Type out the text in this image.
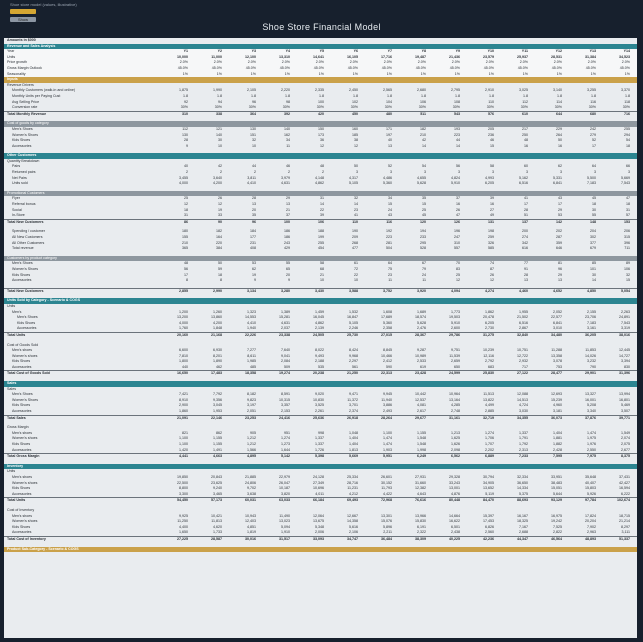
Shoe store model (values, illustrative)
Show
Shoe Store Financial Model
Amounts in $000
Revenue and Sales Analysis
Year	Y1	Y2	Y3	Y4	Y5	Y6	Y7	Y8	Y9	Y10	Y11	Y12	Y13	Y14
Units	10,000	11,000	12,100	13,310	14,641	16,105	17,716	19,487	21,436	23,579	25,937	28,531	31,384	34,523
Price growth	2.0%	2.0%	2.0%	2.0%	2.0%	2.0%	2.0%	2.0%	2.0%	2.0%	2.0%	2.0%	2.0%	2.0%
Gross Margin Outlook	45.0%	45.0%	45.0%	45.0%	45.0%	45.0%	45.0%	45.0%	45.0%	45.0%	45.0%	45.0%	45.0%	45.0%
Seasonality	1%	1%	1%	1%	1%	1%	1%	1%	1%	1%	1%	1%	1%	1%
Inputs
Revenue Drivers
Monthly Customers (walk-in and online)	1,875	1,990	2,105	2,220	2,335	2,450	2,565	2,680	2,795	2,910	3,025	3,140	3,255	3,370
Monthly Units per Paying Cust	1.8	1.8	1.8	1.8	1.8	1.8	1.8	1.8	1.8	1.8	1.8	1.8	1.8	1.8
Avg Selling Price	92	94	96	98	100	102	104	106	108	110	112	114	116	118
Conversion rate	30%	30%	30%	30%	30%	30%	30%	30%	30%	30%	30%	30%	30%	30%
Total Monthly Revenue	310	338	364	392	420	450	480	511	543	576	610	644	680	716
Cost of goods by category
Men's Shoes	112	121	130	140	150	160	171	182	193	205	217	229	242	255
Women's Shoes	130	140	151	162	173	185	197	210	223	236	250	264	279	294
Kids Shoes	28	30	32	34	36	38	40	42	44	46	48	50	52	54
Accessories	9	10	10	11	12	12	13	14	14	15	16	16	17	18
Other Customers
Quantity Breakdown
Pairs	40	42	44	46	48	50	52	54	56	58	60	62	64	66
Returned pairs	2	2	2	2	2	3	3	3	3	3	3	3	3	3
Net Pairs	3,455	3,640	3,811	3,979	4,148	4,317	4,486	4,655	4,824	4,993	5,162	5,331	5,500	5,669
Units sold	4,000	4,200	4,410	4,631	4,862	5,105	5,360	5,628	5,910	6,205	6,516	6,841	7,183	7,543
Promotional Customers
Flyer	25	26	28	29	31	32	34	35	37	39	41	43	45	47
Referral bonus	12	12	13	13	14	14	15	15	16	16	17	17	18	18
Social	18	19	20	21	22	23	24	25	26	27	28	29	30	31
In-Store	31	33	35	37	39	41	43	45	47	49	51	53	55	57
Total New Customers	86	90	96	100	106	110	116	120	126	131	137	142	148	153
Spending / customer	180	182	184	186	188	190	192	194	196	198	200	202	204	206
All New Customers	155	164	177	186	199	209	223	233	247	259	274	287	302	315
All Other Customers	210	220	231	243	255	268	281	295	310	326	342	359	377	396
Total revenue	365	384	408	429	454	477	504	528	557	585	616	646	679	711
Customers by product category
Men's Shoes	48	50	53	55	58	61	64	67	70	74	77	81	85	89
Women's Shoes	56	59	62	65	68	72	75	79	83	87	91	96	101	106
Kids Shoes	17	18	19	20	21	22	23	24	25	26	28	29	30	32
Accessories	8	8	9	9	10	10	11	11	12	12	13	13	14	15
Total New Customers	2,855	2,990	3,134	3,280	3,430	3,588	3,752	3,920	4,094	4,274	4,460	4,652	4,850	5,054
Units Sold by Category - Scenario & COGS
Units
Men's	1,200	1,260	1,323	1,389	1,459	1,532	1,608	1,689	1,773	1,862	1,955	2,052	2,155	2,263
Men's Shoes	13,200	13,860	14,553	15,281	16,045	16,847	17,689	18,574	19,503	20,478	21,502	22,577	23,706	24,891
Kids Shoes	4,000	4,200	4,410	4,631	4,862	5,105	5,360	5,628	5,910	6,205	6,516	6,841	7,183	7,543
Accessories	1,760	1,848	1,940	2,037	2,139	2,246	2,358	2,476	2,600	2,730	2,867	3,010	3,161	3,319
Total Units	20,160	21,168	22,226	23,338	24,505	25,730	27,015	28,367	29,786	31,275	32,840	34,480	36,205	38,016
Cost of Goods Sold
Men's shoes	6,600	6,930	7,277	7,640	8,022	8,424	8,845	9,287	9,751	10,239	10,751	11,288	11,853	12,445
Women's shoes	7,810	8,201	8,611	9,041	9,493	9,968	10,466	10,989	11,539	12,116	12,722	13,358	14,026	14,727
Kids Shoes	1,800	1,890	1,985	2,084	2,188	2,297	2,412	2,533	2,659	2,792	2,932	3,078	3,232	3,394
Accessories	440	462	485	509	535	561	590	619	650	683	717	753	790	830
Total Cost of Goods Sold	16,650	17,483	18,358	19,274	20,238	21,250	22,313	23,428	24,599	25,830	27,122	28,477	29,901	31,396
Sales
Sales
Men's Shoes	7,421	7,792	8,182	8,591	9,020	9,471	9,945	10,442	10,964	11,513	12,088	12,693	13,327	13,994
Women's Shoes	8,910	9,356	9,823	10,315	10,830	11,372	11,940	12,537	13,164	13,822	14,513	15,239	16,001	16,801
Kids Shoes	2,900	3,045	3,197	3,357	3,525	3,701	3,886	4,081	4,285	4,499	4,724	4,960	5,208	5,469
Accessories	1,860	1,953	2,051	2,153	2,261	2,374	2,493	2,617	2,748	2,885	3,030	3,181	3,340	3,507
Total Sales	21,091	22,146	23,253	24,416	25,636	26,918	28,264	29,677	31,161	32,719	34,355	36,073	37,876	39,771
Gross Margin
Men's shoes	821	862	905	951	998	1,048	1,100	1,155	1,213	1,274	1,337	1,404	1,474	1,549
Women's shoes	1,100	1,155	1,212	1,274	1,337	1,404	1,474	1,548	1,625	1,706	1,791	1,881	1,975	2,074
Kids Shoes	1,100	1,155	1,212	1,273	1,337	1,404	1,474	1,548	1,626	1,707	1,792	1,882	1,976	2,075
Accessories	1,420	1,491	1,566	1,644	1,726	1,813	1,903	1,998	2,098	2,202	2,313	2,428	2,550	2,677
Total Gross Margin	4,441	4,663	4,895	5,142	5,398	5,669	5,951	6,249	6,562	6,889	7,233	7,595	7,975	8,375
Inventory
Units
Men's shoes	19,850	20,843	21,885	22,979	24,128	25,334	26,601	27,931	29,328	30,794	32,334	33,951	35,648	37,431
Women's shoes	22,500	23,625	24,806	26,047	27,349	28,716	30,152	31,660	33,243	34,905	36,650	38,483	40,407	42,427
Kids Shoes	8,800	9,240	9,702	10,187	10,696	11,231	11,793	12,382	13,001	13,652	14,334	15,051	15,803	16,594
Accessories	3,300	3,465	3,638	3,820	4,011	4,212	4,422	4,643	4,876	5,119	5,375	5,644	5,926	6,222
Total Units	54,450	57,173	60,031	63,033	66,184	69,493	72,968	76,616	80,448	84,470	88,693	93,129	97,784	102,674
Cost of Inventory
Men's shoes	9,925	10,421	10,943	11,490	12,064	12,667	13,301	13,966	14,664	15,397	16,167	16,975	17,824	18,715
Women's shoes	11,250	11,813	12,403	13,023	13,675	14,358	15,076	15,830	16,622	17,453	18,325	19,242	20,204	21,214
Kids Shoes	4,400	4,620	4,851	5,094	5,348	5,616	5,896	6,191	6,501	6,826	7,167	7,525	7,902	8,297
Accessories	1,650	1,733	1,819	1,910	2,006	2,106	2,211	2,322	2,438	2,560	2,688	2,822	2,963	3,111
Total Cost of Inventory	27,225	28,587	30,016	31,517	33,093	34,747	36,484	38,309	40,225	42,236	44,347	46,564	48,893	51,337
Product Sub-Category - Scenario & COGS
